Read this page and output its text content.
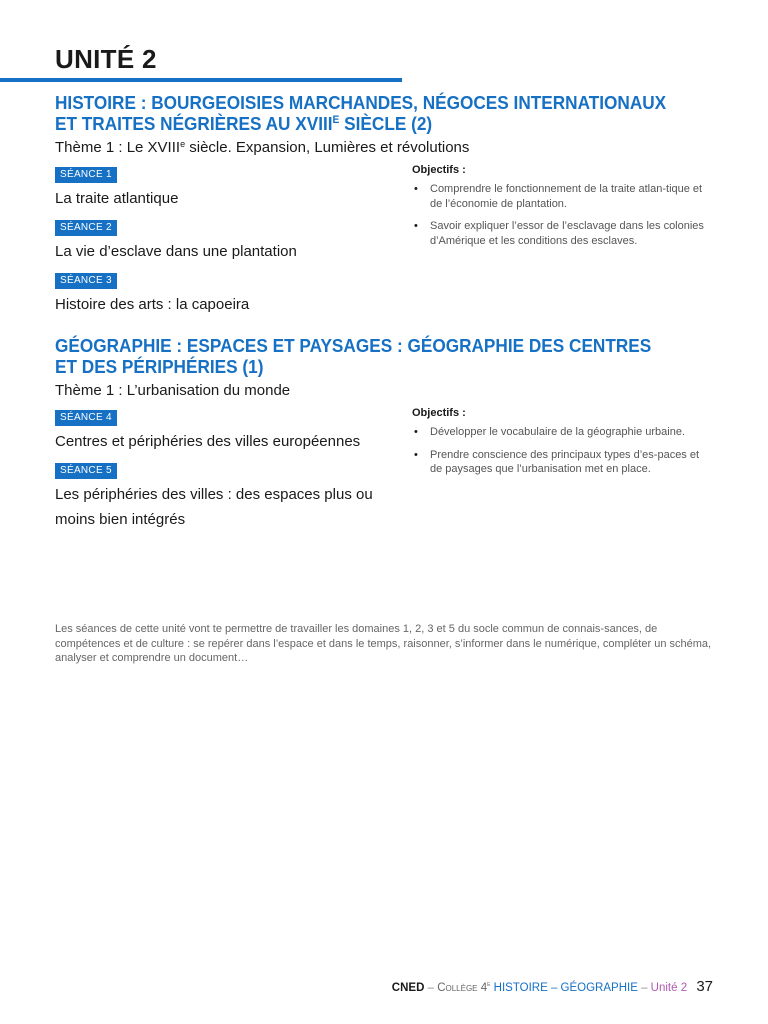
UNITÉ 2
HISTOIRE : BOURGEOISIES MARCHANDES, NÉGOCES INTERNATIONAUX
ET TRAITES NÉGRIÈRES AU $XVIII^E$ SIÈCLE (2)

Thème 1 : Le XVIIIe siècle. Expansion, Lumières et révolutions

SÉANCE 1
La traite atlantique
SÉANCE 2
La vie d’esclave dans une plantation
SÉANCE 3
Histoire des arts : la capoeira

Objectifs :

• Comprendre le fonctionnement de la traite atlan-tique et de l’économie de plantation.
• Savoir expliquer l’essor de l’esclavage dans les colonies d’Amérique et les conditions des esclaves.
GÉOGRAPHIE : ESPACES ET PAYSAGES : GÉOGRAPHIE DES CENTRES
ET DES PÉRIPHÉRIES (1)

Thème 1 : L’urbanisation du monde

SÉANCE 4
Centres et périphéries des villes européennes
SÉANCE 5
Les périphéries des villes : des espaces plus ou moins bien intégrés

Objectifs :

• Développer le vocabulaire de la géographie urbaine.
• Prendre conscience des principaux types d’es-paces et de paysages que l’urbanisation met en place.

Les séances de cette unité vont te permettre de travailler les domaines 1, 2, 3 et 5 du socle commun de connais-sances, de compétences et de culture : se repérer dans l’espace et dans le temps, raisonner, s’informer dans le numérique, compléter un schéma, analyser et comprendre un document…

CNED – Collège 4e HISTOIRE – GÉOGRAPHIE – Unité 2 37
